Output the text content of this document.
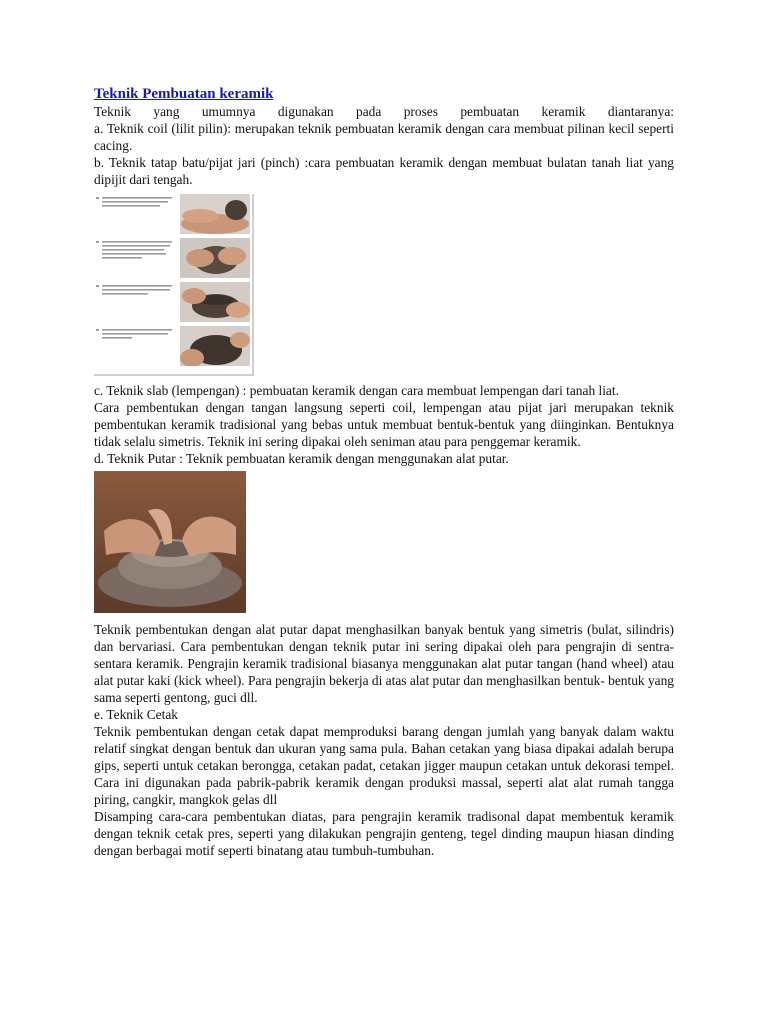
Teknik Pembuatan keramik

Teknik yang umumnya digunakan pada proses pembuatan keramik diantaranya:

a. Teknik coil (lilit pilin): merupakan teknik pembuatan keramik dengan cara membuat pilinan kecil seperti cacing.

b. Teknik tatap batu/pijat jari (pinch) :cara pembuatan keramik dengan membuat bulatan tanah liat yang dipijit dari tengah.

c. Teknik slab (lempengan) : pembuatan keramik dengan cara membuat lempengan dari tanah liat.

Cara pembentukan dengan tangan langsung seperti coil, lempengan atau pijat jari merupakan teknik pembentukan keramik tradisional yang bebas untuk membuat bentuk-bentuk yang diinginkan. Bentuknya tidak selalu simetris. Teknik ini sering dipakai oleh seniman atau para penggemar keramik.

d. Teknik Putar : Teknik pembuatan keramik dengan menggunakan alat putar.

Teknik pembentukan dengan alat putar dapat menghasilkan banyak bentuk yang simetris (bulat, silindris) dan bervariasi. Cara pembentukan dengan teknik putar ini sering dipakai oleh para pengrajin di sentra-sentara keramik. Pengrajin keramik tradisional biasanya menggunakan alat putar tangan (hand wheel) atau alat putar kaki (kick wheel). Para pengrajin bekerja di atas alat putar dan menghasilkan bentuk- bentuk yang sama seperti gentong, guci dll.

e. Teknik Cetak

Teknik pembentukan dengan cetak dapat memproduksi barang dengan jumlah yang banyak dalam waktu relatif singkat dengan bentuk dan ukuran yang sama pula. Bahan cetakan yang biasa dipakai adalah berupa gips, seperti untuk cetakan berongga, cetakan padat, cetakan jigger maupun cetakan untuk dekorasi tempel. Cara ini digunakan pada pabrik-pabrik keramik dengan produksi massal, seperti alat alat rumah tangga piring, cangkir, mangkok gelas dll

Disamping cara-cara pembentukan diatas, para pengrajin keramik tradisonal dapat membentuk keramik dengan teknik cetak pres, seperti yang dilakukan pengrajin genteng, tegel dinding maupun hiasan dinding dengan berbagai motif seperti binatang atau tumbuh-tumbuhan.
